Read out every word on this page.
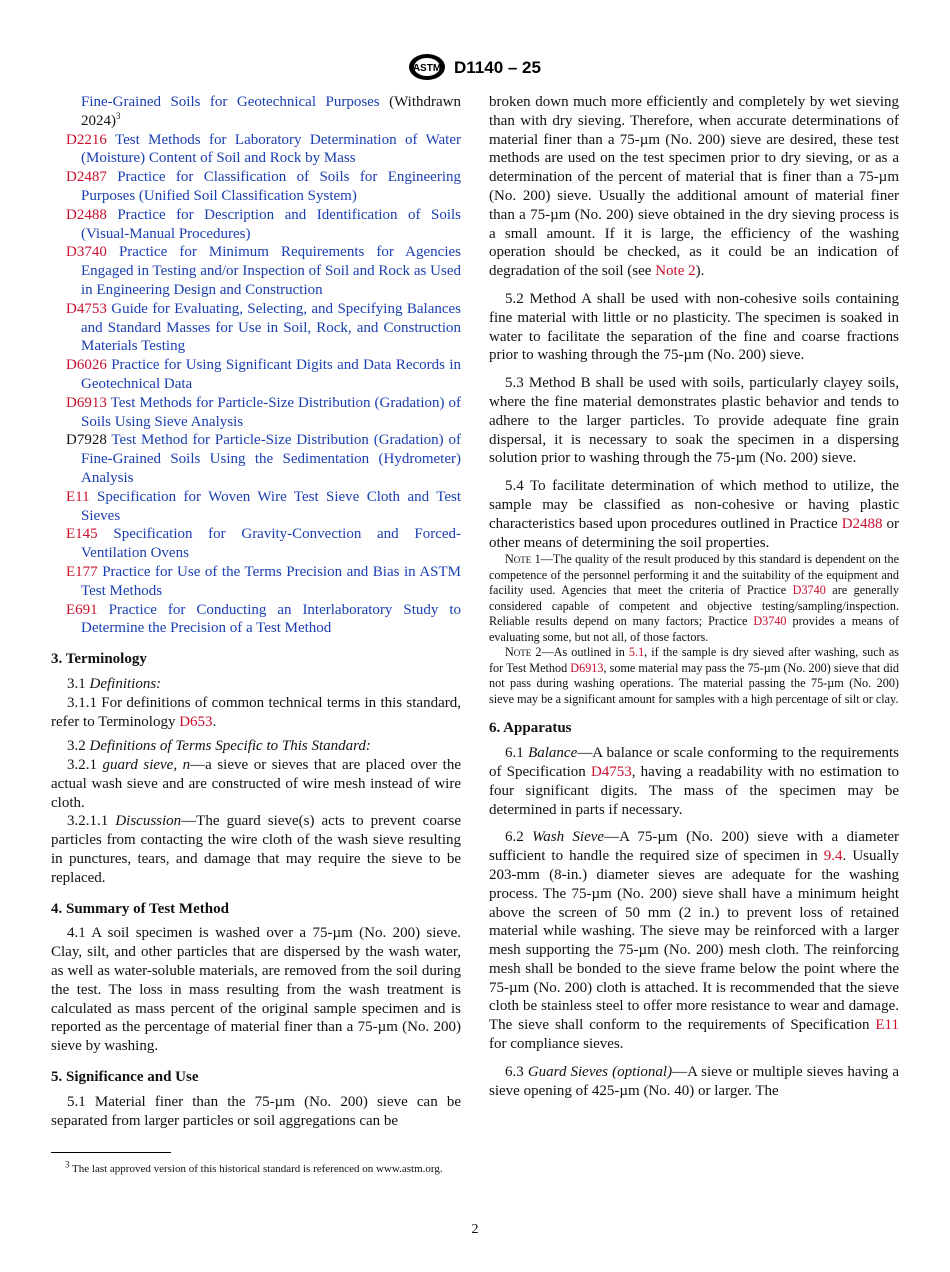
ASTM D1140 – 25

Fine-Grained Soils for Geotechnical Purposes (Withdrawn 2024)$^3$

D2216 Test Methods for Laboratory Determination of Water (Moisture) Content of Soil and Rock by Mass

D2487 Practice for Classification of Soils for Engineering Purposes (Unified Soil Classification System)

D2488 Practice for Description and Identification of Soils (Visual-Manual Procedures)

D3740 Practice for Minimum Requirements for Agencies Engaged in Testing and/or Inspection of Soil and Rock as Used in Engineering Design and Construction

D4753 Guide for Evaluating, Selecting, and Specifying Balances and Standard Masses for Use in Soil, Rock, and Construction Materials Testing

D6026 Practice for Using Significant Digits and Data Records in Geotechnical Data

D6913 Test Methods for Particle-Size Distribution (Gradation) of Soils Using Sieve Analysis

D7928 Test Method for Particle-Size Distribution (Gradation) of Fine-Grained Soils Using the Sedimentation (Hydrometer) Analysis

E11 Specification for Woven Wire Test Sieve Cloth and Test Sieves

E145 Specification for Gravity-Convection and Forced-Ventilation Ovens

E177 Practice for Use of the Terms Precision and Bias in ASTM Test Methods

E691 Practice for Conducting an Interlaboratory Study to Determine the Precision of a Test Method

3. Terminology

3.1 Definitions:

3.1.1 For definitions of common technical terms in this standard, refer to Terminology D653.

3.2 Definitions of Terms Specific to This Standard:

3.2.1 guard sieve, n—a sieve or sieves that are placed over the actual wash sieve and are constructed of wire mesh instead of wire cloth.

3.2.1.1 Discussion—The guard sieve(s) acts to prevent coarse particles from contacting the wire cloth of the wash sieve resulting in punctures, tears, and damage that may require the sieve to be replaced.

4. Summary of Test Method

4.1 A soil specimen is washed over a 75-µm (No. 200) sieve. Clay, silt, and other particles that are dispersed by the wash water, as well as water-soluble materials, are removed from the soil during the test. The loss in mass resulting from the wash treatment is calculated as mass percent of the original sample specimen and is reported as the percentage of material finer than a 75-µm (No. 200) sieve by washing.

5. Significance and Use

5.1 Material finer than the 75-µm (No. 200) sieve can be separated from larger particles or soil aggregations can be

broken down much more efficiently and completely by wet sieving than with dry sieving. Therefore, when accurate determinations of material finer than a 75-µm (No. 200) sieve are desired, these test methods are used on the test specimen prior to dry sieving, or as a determination of the percent of material that is finer than a 75-µm (No. 200) sieve. Usually the additional amount of material finer than a 75-µm (No. 200) sieve obtained in the dry sieving process is a small amount. If it is large, the efficiency of the washing operation should be checked, as it could be an indication of degradation of the soil (see Note 2).

5.2 Method A shall be used with non-cohesive soils containing fine material with little or no plasticity. The specimen is soaked in water to facilitate the separation of the fine and coarse fractions prior to washing through the 75-µm (No. 200) sieve.

5.3 Method B shall be used with soils, particularly clayey soils, where the fine material demonstrates plastic behavior and tends to adhere to the larger particles. To provide adequate fine grain dispersal, it is necessary to soak the specimen in a dispersing solution prior to washing through the 75-µm (No. 200) sieve.

5.4 To facilitate determination of which method to utilize, the sample may be classified as non-cohesive or having plastic characteristics based upon procedures outlined in Practice D2488 or other means of determining the soil properties.

Note 1—The quality of the result produced by this standard is dependent on the competence of the personnel performing it and the suitability of the equipment and facility used. Agencies that meet the criteria of Practice D3740 are generally considered capable of competent and objective testing/sampling/inspection. Reliable results depend on many factors; Practice D3740 provides a means of evaluating some, but not all, of those factors.

Note 2—As outlined in 5.1, if the sample is dry sieved after washing, such as for Test Method D6913, some material may pass the 75-µm (No. 200) sieve that did not pass during washing operations. The material passing the 75-µm (No. 200) sieve may be a significant amount for samples with a high percentage of silt or clay.

6. Apparatus

6.1 Balance—A balance or scale conforming to the requirements of Specification D4753, having a readability with no estimation to four significant digits. The mass of the specimen may be determined in parts if necessary.

6.2 Wash Sieve—A 75-µm (No. 200) sieve with a diameter sufficient to handle the required size of specimen in 9.4. Usually 203-mm (8-in.) diameter sieves are adequate for the washing process. The 75-µm (No. 200) sieve shall have a minimum height above the screen of 50 mm (2 in.) to prevent loss of retained material while washing. The sieve may be reinforced with a larger mesh supporting the 75-µm (No. 200) mesh cloth. The reinforcing mesh shall be bonded to the sieve frame below the point where the 75-µm (No. 200) cloth is attached. It is recommended that the sieve cloth be stainless steel to offer more resistance to wear and damage. The sieve shall conform to the requirements of Specification E11 for compliance sieves.

6.3 Guard Sieves (optional)—A sieve or multiple sieves having a sieve opening of 425-µm (No. 40) or larger. The

$^3$ The last approved version of this historical standard is referenced on www.astm.org.

2
